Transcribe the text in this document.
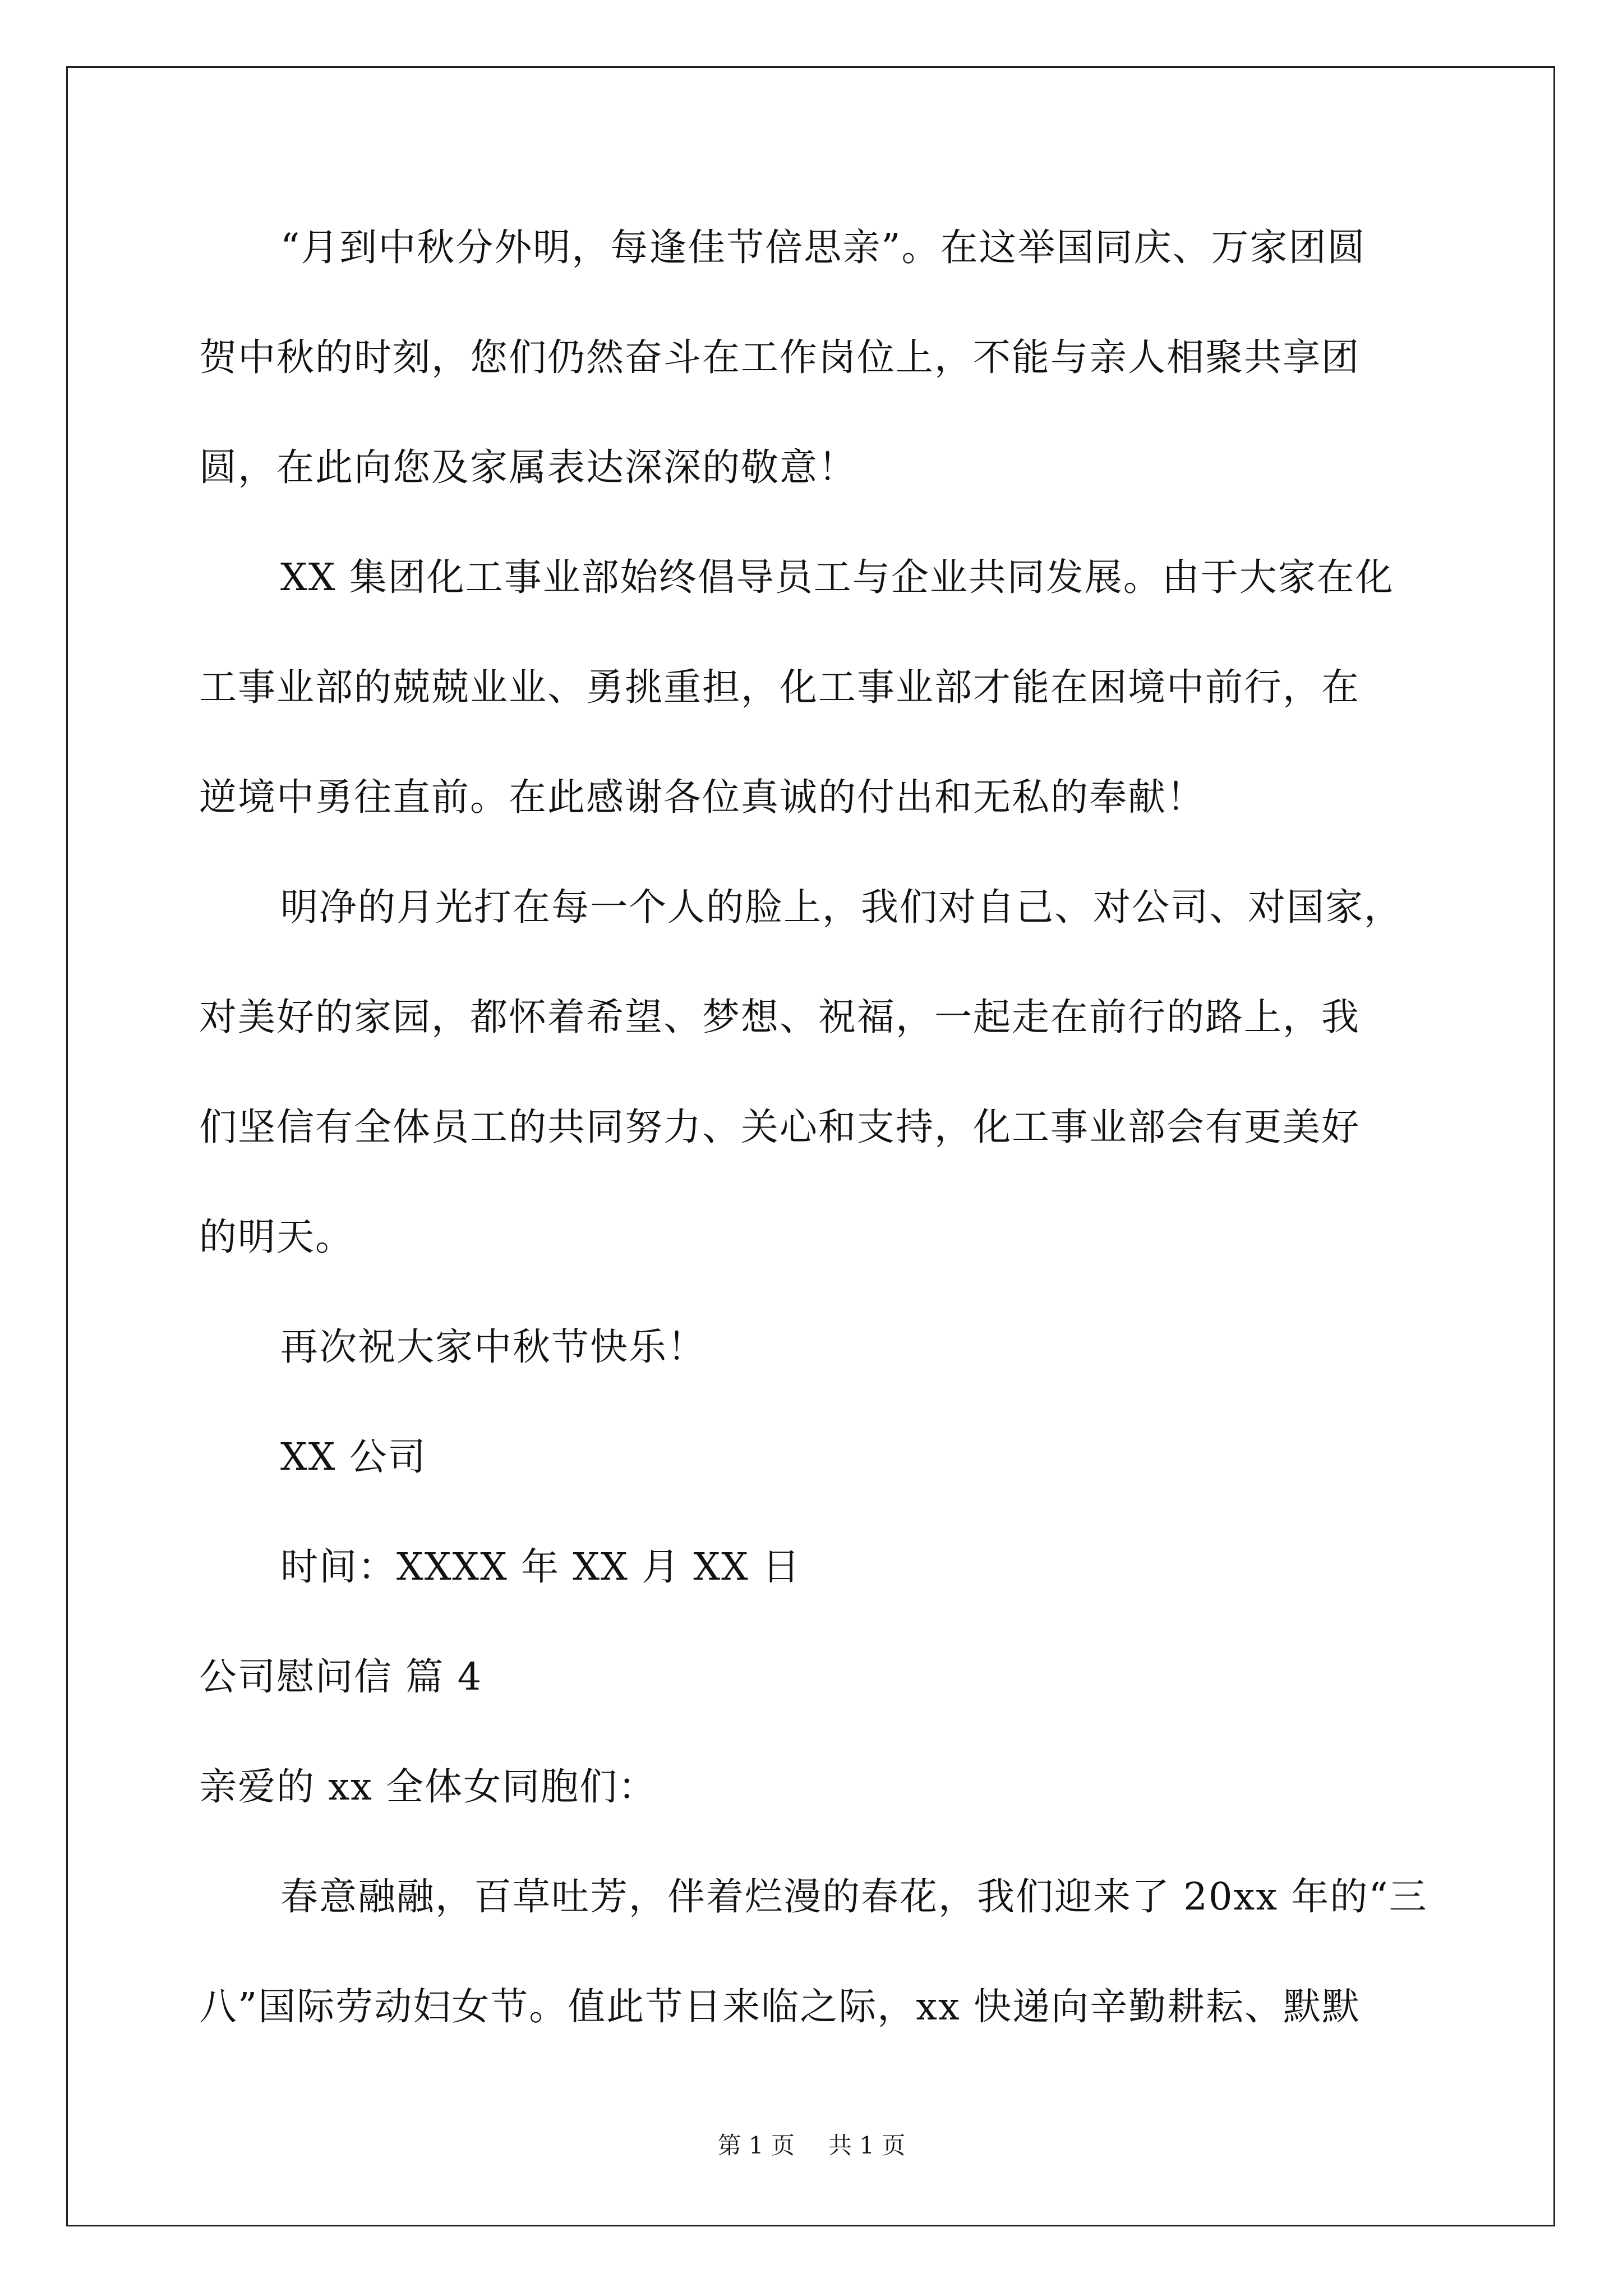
“月到中秋分外明，每逢佳节倍思亲”。在这举国同庆、万家团圆
贺中秋的时刻，您们仍然奋斗在工作岗位上，不能与亲人相聚共享团
圆，在此向您及家属表达深深的敬意！
XX 集团化工事业部始终倡导员工与企业共同发展。由于大家在化
工事业部的兢兢业业、勇挑重担，化工事业部才能在困境中前行，在
逆境中勇往直前。在此感谢各位真诚的付出和无私的奉献！
明净的月光打在每一个人的脸上，我们对自己、对公司、对国家，
对美好的家园，都怀着希望、梦想、祝福，一起走在前行的路上，我
们坚信有全体员工的共同努力、关心和支持，化工事业部会有更美好
的明天。
再次祝大家中秋节快乐！
XX 公司
时间：XXXX 年 XX 月 XX 日
公司慰问信 篇 4
亲爱的 xx 全体女同胞们：
春意融融，百草吐芳，伴着烂漫的春花，我们迎来了 20xx 年的“三
八”国际劳动妇女节。值此节日来临之际，xx 快递向辛勤耕耘、默默
第 1 页 共 1 页
